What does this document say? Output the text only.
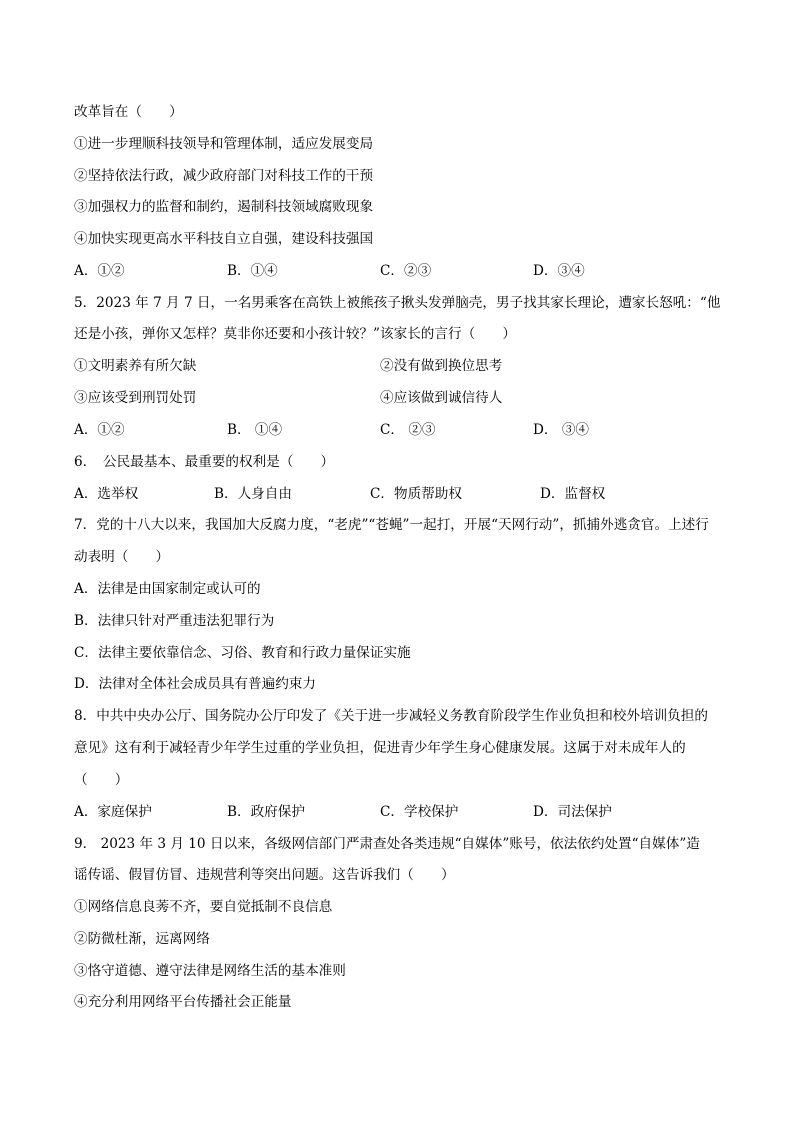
改革旨在（　　）
①进一步理顺科技领导和管理体制，适应发展变局
②坚持依法行政，减少政府部门对科技工作的干预
③加强权力的监督和制约，遏制科技领域腐败现象
④加快实现更高水平科技自立自强，建设科技强国
A．①②	B．①④	C．②③	D．③④
5．2023 年 7 月 7 日，一名男乘客在高铁上被熊孩子揪头发弹脑壳，男子找其家长理论，遭家长怒吼：“他
还是小孩，弹你又怎样？莫非你还要和小孩计较？”该家长的言行（　　）
①文明素养有所欠缺	②没有做到换位思考
③应该受到刑罚处罚	④应该做到诚信待人
A．①②	B． ①④	C． ②③	D． ③④
6．　公民最基本、最重要的权利是（　　）
A．选举权	B．人身自由	C．物质帮助权	D．监督权
7．党的十八大以来，我国加大反腐力度，“老虎”“苍蝇”一起打，开展“天网行动”，抓捕外逃贪官。上述行
动表明（　　）
A．法律是由国家制定或认可的
B．法律只针对严重违法犯罪行为
C．法律主要依靠信念、习俗、教育和行政力量保证实施
D．法律对全体社会成员具有普遍约束力
8．中共中央办公厅、国务院办公厅印发了《关于进一步减轻义务教育阶段学生作业负担和校外培训负担的
意见》这有利于减轻青少年学生过重的学业负担，促进青少年学生身心健康发展。这属于对未成年人的
（　　）
A．家庭保护	B．政府保护	C．学校保护	D．司法保护
9． 2023 年 3 月 10 日以来，各级网信部门严肃查处各类违规“自媒体”账号，依法依约处置“自媒体”造
谣传谣、假冒仿冒、违规营利等突出问题。这告诉我们（　　）
①网络信息良莠不齐，要自觉抵制不良信息
②防微杜渐，远离网络
③恪守道德、遵守法律是网络生活的基本准则
④充分利用网络平台传播社会正能量
